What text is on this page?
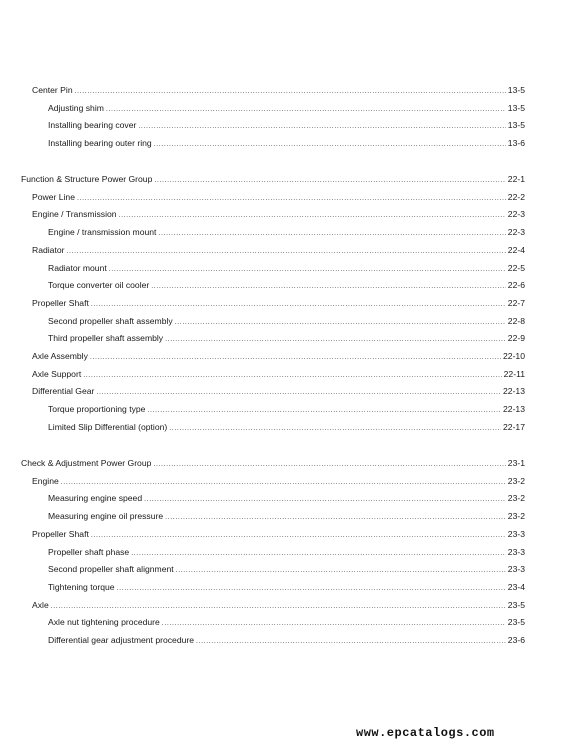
Center Pin .....	13-5
Adjusting shim .....	13-5
Installing bearing cover .....	13-5
Installing bearing outer ring .....	13-6
Function & Structure Power Group .....	22-1
Power Line .....	22-2
Engine / Transmission .....	22-3
Engine / transmission mount .....	22-3
Radiator .....	22-4
Radiator mount .....	22-5
Torque converter oil cooler .....	22-6
Propeller Shaft .....	22-7
Second propeller shaft assembly .....	22-8
Third propeller shaft assembly .....	22-9
Axle Assembly .....	22-10
Axle Support .....	22-11
Differential Gear .....	22-13
Torque proportioning type .....	22-13
Limited Slip Differential (option) .....	22-17
Check & Adjustment Power Group .....	23-1
Engine .....	23-2
Measuring engine speed .....	23-2
Measuring engine oil pressure .....	23-2
Propeller Shaft .....	23-3
Propeller shaft phase .....	23-3
Second propeller shaft alignment .....	23-3
Tightening torque .....	23-4
Axle .....	23-5
Axle nut tightening procedure .....	23-5
Differential gear adjustment procedure .....	23-6
www.epcatalogs.com
